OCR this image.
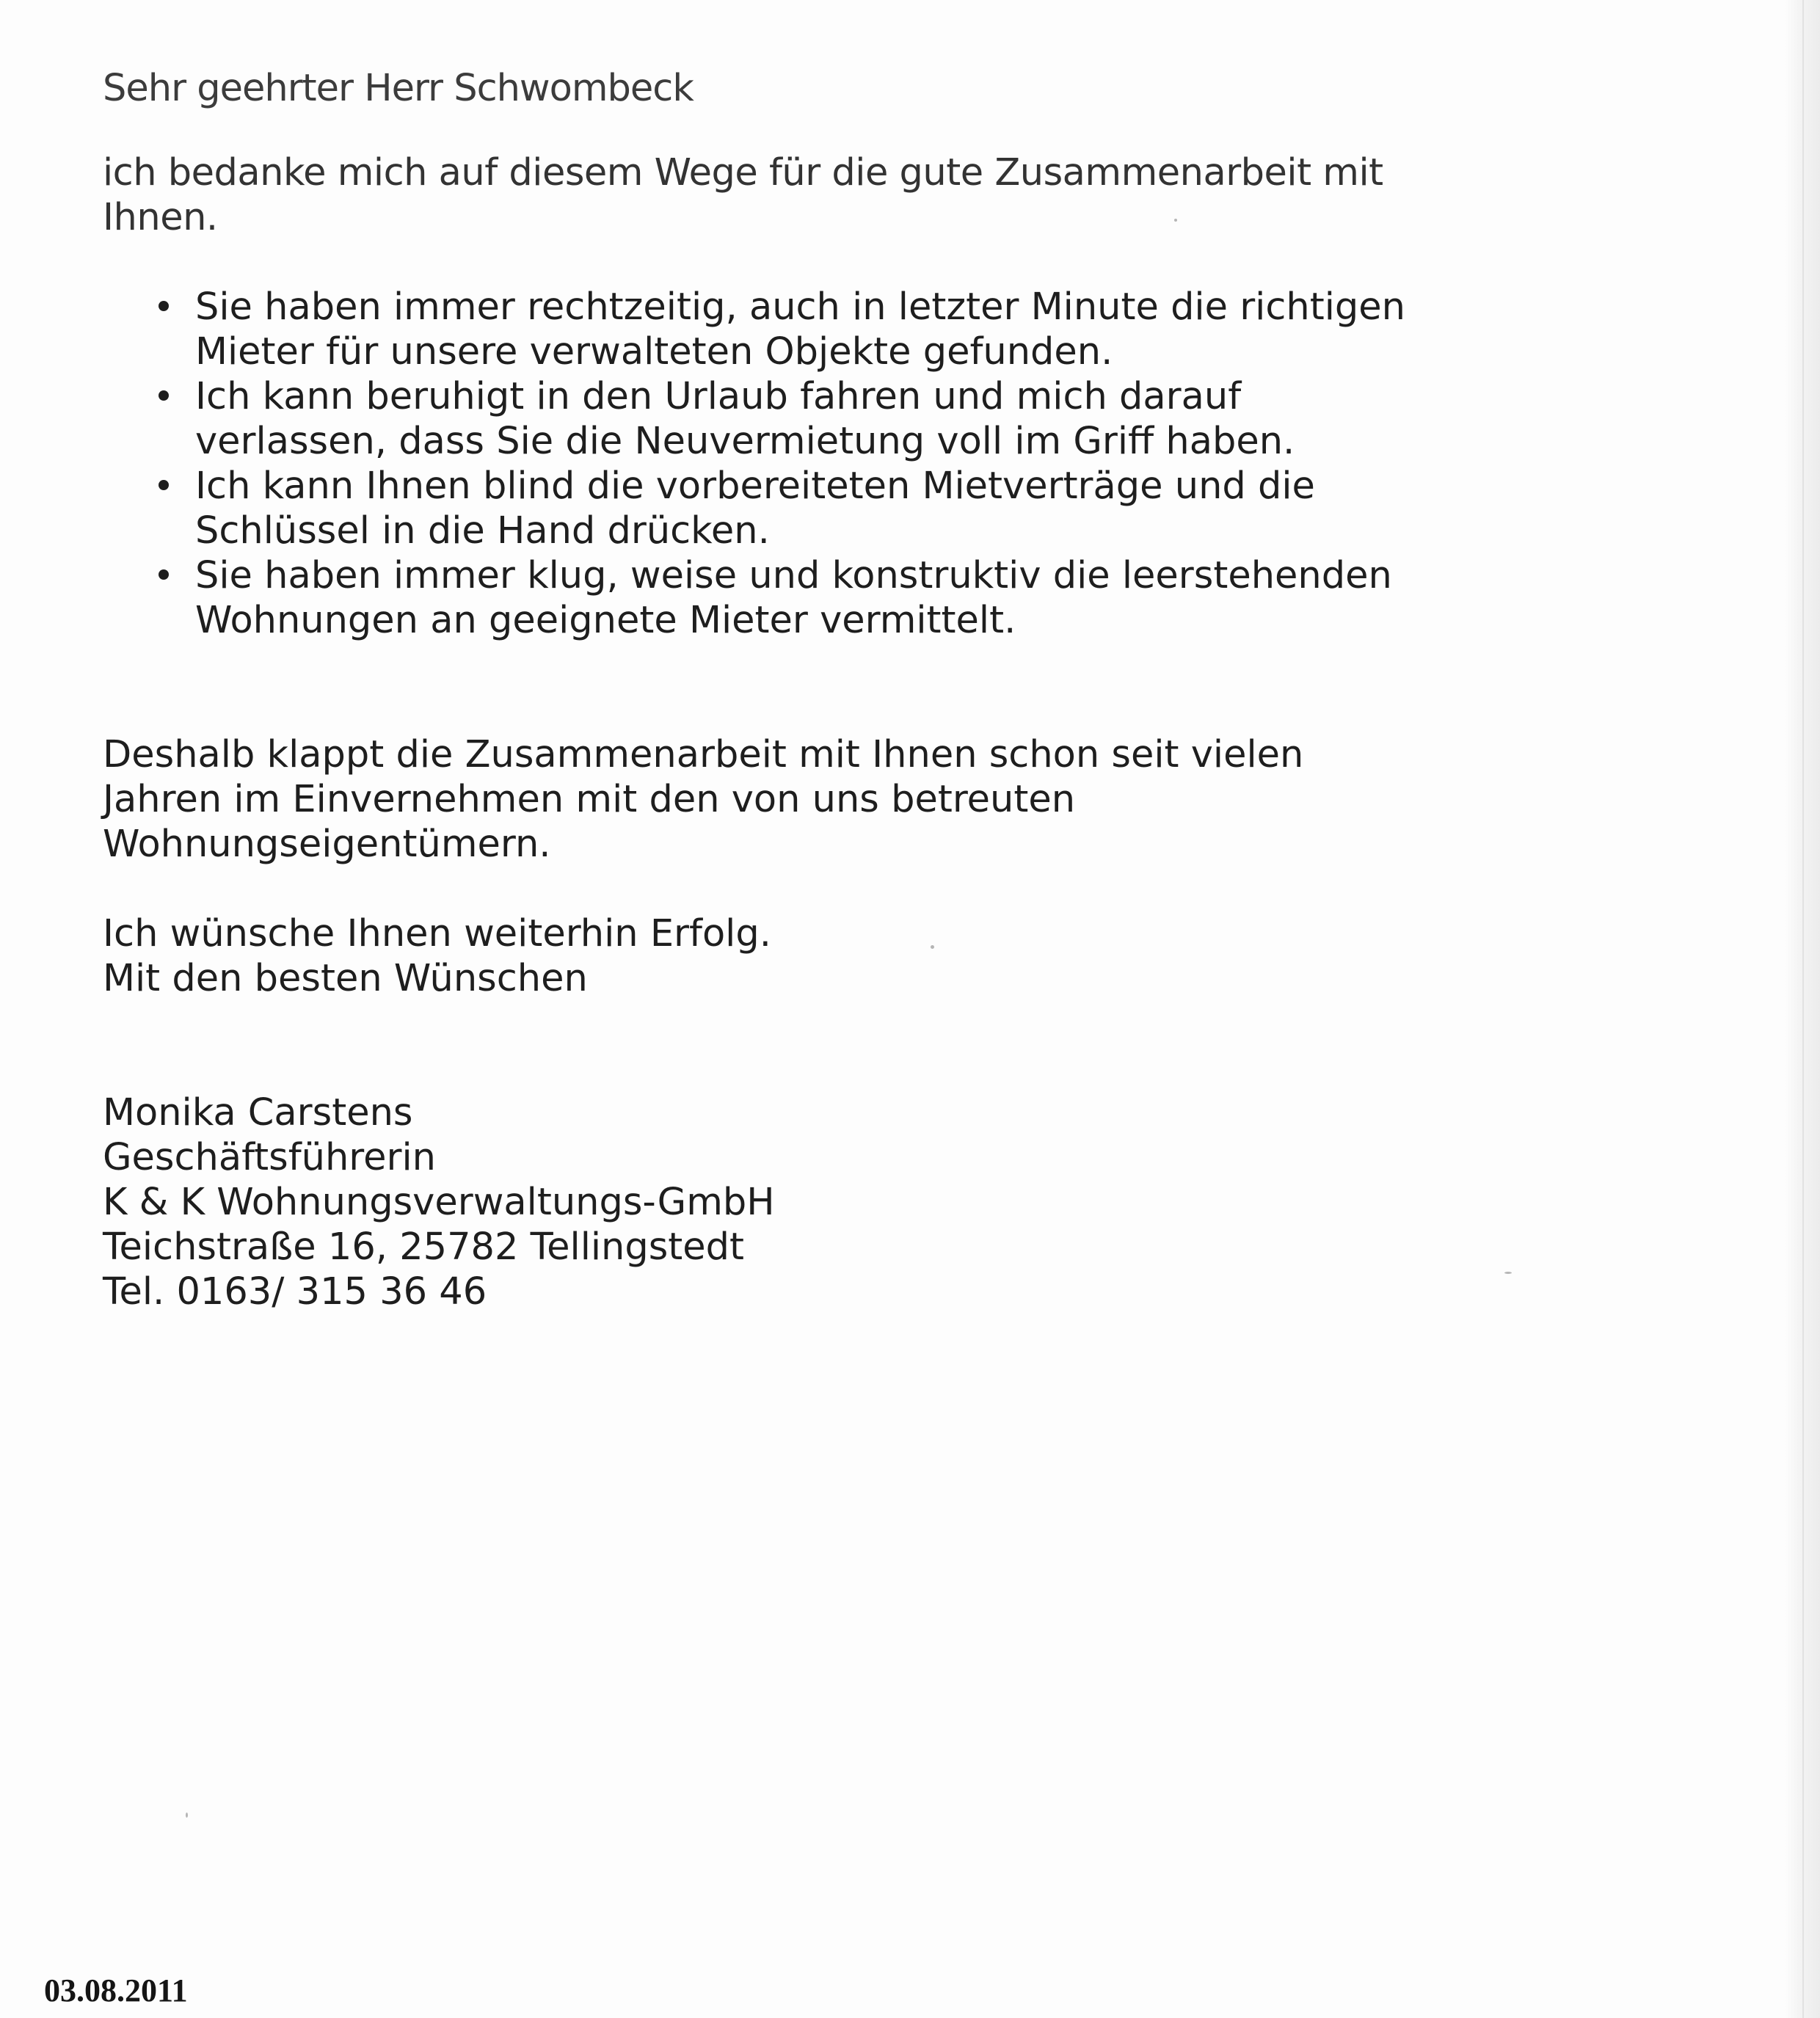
Sehr geehrter Herr Schwombeck

ich bedanke mich auf diesem Wege für die gute Zusammenarbeit mit
Ihnen.

Sie haben immer rechtzeitig, auch in letzter Minute die richtigen
Mieter für unsere verwalteten Objekte gefunden.
Ich kann beruhigt in den Urlaub fahren und mich darauf
verlassen, dass Sie die Neuvermietung voll im Griff haben.
Ich kann Ihnen blind die vorbereiteten Mietverträge und die
Schlüssel in die Hand drücken.
Sie haben immer klug, weise und konstruktiv die leerstehenden
Wohnungen an geeignete Mieter vermittelt.

Deshalb klappt die Zusammenarbeit mit Ihnen schon seit vielen
Jahren im Einvernehmen mit den von uns betreuten
Wohnungseigentümern.

Ich wünsche Ihnen weiterhin Erfolg.
Mit den besten Wünschen

Monika Carstens
Geschäftsführerin
K & K Wohnungsverwaltungs-GmbH
Teichstraße 16, 25782 Tellingstedt
Tel. 0163/ 315 36 46

03.08.2011
